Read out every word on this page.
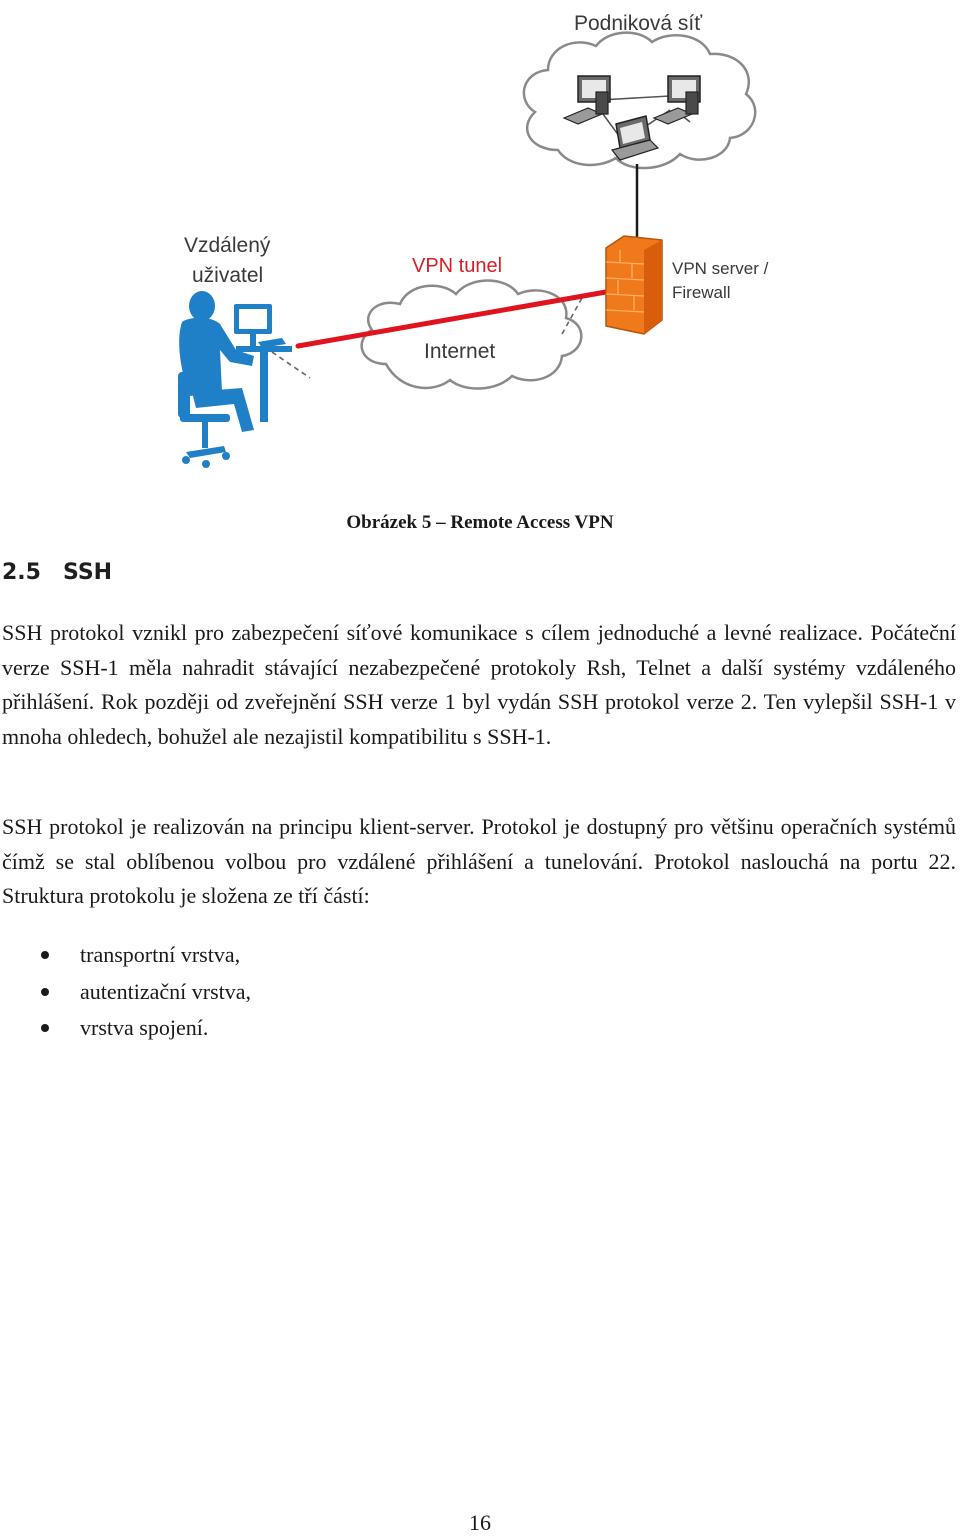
Podniková síť
Internet
VPN tunel	VPN server /
Firewall
Vzdálený
uživatel
Obrázek 5 – Remote Access VPN
2.5 SSH

SSH protokol vznikl pro zabezpečení síťové komunikace s cílem jednoduché a levné realizace. Počáteční verze SSH-1 měla nahradit stávající nezabezpečené protokoly Rsh, Telnet a další systémy vzdáleného přihlášení. Rok později od zveřejnění SSH verze 1 byl vydán SSH protokol verze 2. Ten vylepšil SSH-1 v mnoha ohledech, bohužel ale nezajistil kompatibilitu s SSH-1.

SSH protokol je realizován na principu klient-server. Protokol je dostupný pro většinu operačních systémů čímž se stal oblíbenou volbou pro vzdálené přihlášení a tunelování. Protokol naslouchá na portu 22. Struktura protokolu je složena ze tří částí:

transportní vrstva,
autentizační vrstva,
vrstva spojení.
16
